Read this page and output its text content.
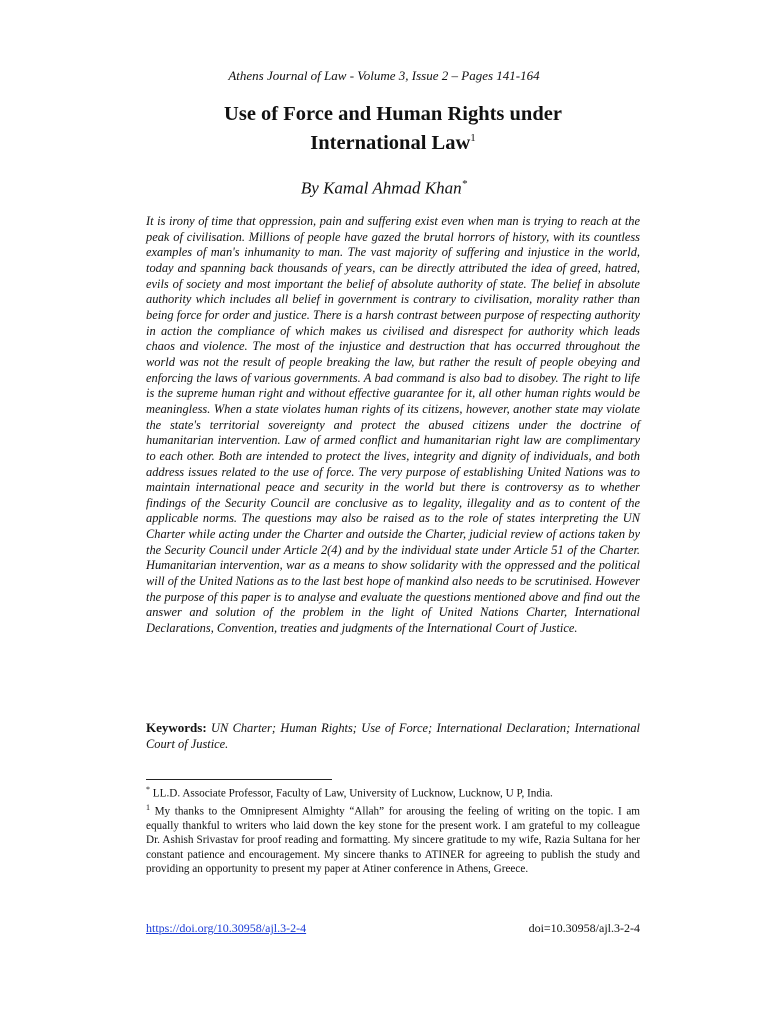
Athens Journal of Law - Volume 3, Issue 2 – Pages 141-164
Use of Force and Human Rights under
International Law$^1$
By Kamal Ahmad Khan*

It is irony of time that oppression, pain and suffering exist even when man is trying to reach at the peak of civilisation. Millions of people have gazed the brutal horrors of history, with its countless examples of man's inhumanity to man. The vast majority of suffering and injustice in the world, today and spanning back thousands of years, can be directly attributed the idea of greed, hatred, evils of society and most important the belief of absolute authority of state. The belief in absolute authority which includes all belief in government is contrary to civilisation, morality rather than being force for order and justice. There is a harsh contrast between purpose of respecting authority in action the compliance of which makes us civilised and disrespect for authority which leads chaos and violence. The most of the injustice and destruction that has occurred throughout the world was not the result of people breaking the law, but rather the result of people obeying and enforcing the laws of various governments. A bad command is also bad to disobey. The right to life is the supreme human right and without effective guarantee for it, all other human rights would be meaningless. When a state violates human rights of its citizens, however, another state may violate the state's territorial sovereignty and protect the abused citizens under the doctrine of humanitarian intervention. Law of armed conflict and humanitarian right law are complimentary to each other. Both are intended to protect the lives, integrity and dignity of individuals, and both address issues related to the use of force. The very purpose of establishing United Nations was to maintain international peace and security in the world but there is controversy as to whether findings of the Security Council are conclusive as to legality, illegality and as to content of the applicable norms. The questions may also be raised as to the role of states interpreting the UN Charter while acting under the Charter and outside the Charter, judicial review of actions taken by the Security Council under Article 2(4) and by the individual state under Article 51 of the Charter. Humanitarian intervention, war as a means to show solidarity with the oppressed and the political will of the United Nations as to the last best hope of mankind also needs to be scrutinised. However the purpose of this paper is to analyse and evaluate the questions mentioned above and find out the answer and solution of the problem in the light of United Nations Charter, International Declarations, Convention, treaties and judgments of the International Court of Justice.

Keywords: UN Charter; Human Rights; Use of Force; International Declaration; International Court of Justice.

* LL.D. Associate Professor, Faculty of Law, University of Lucknow, Lucknow, U P, India.

$^1$ My thanks to the Omnipresent Almighty “Allah” for arousing the feeling of writing on the topic. I am equally thankful to writers who laid down the key stone for the present work. I am grateful to my colleague Dr. Ashish Srivastav for proof reading and formatting. My sincere gratitude to my wife, Razia Sultana for her constant patience and encouragement. My sincere thanks to ATINER for agreeing to publish the study and providing an opportunity to present my paper at Atiner conference in Athens, Greece.

https://doi.org/10.30958/ajl.3-2-4	doi=10.30958/ajl.3-2-4
